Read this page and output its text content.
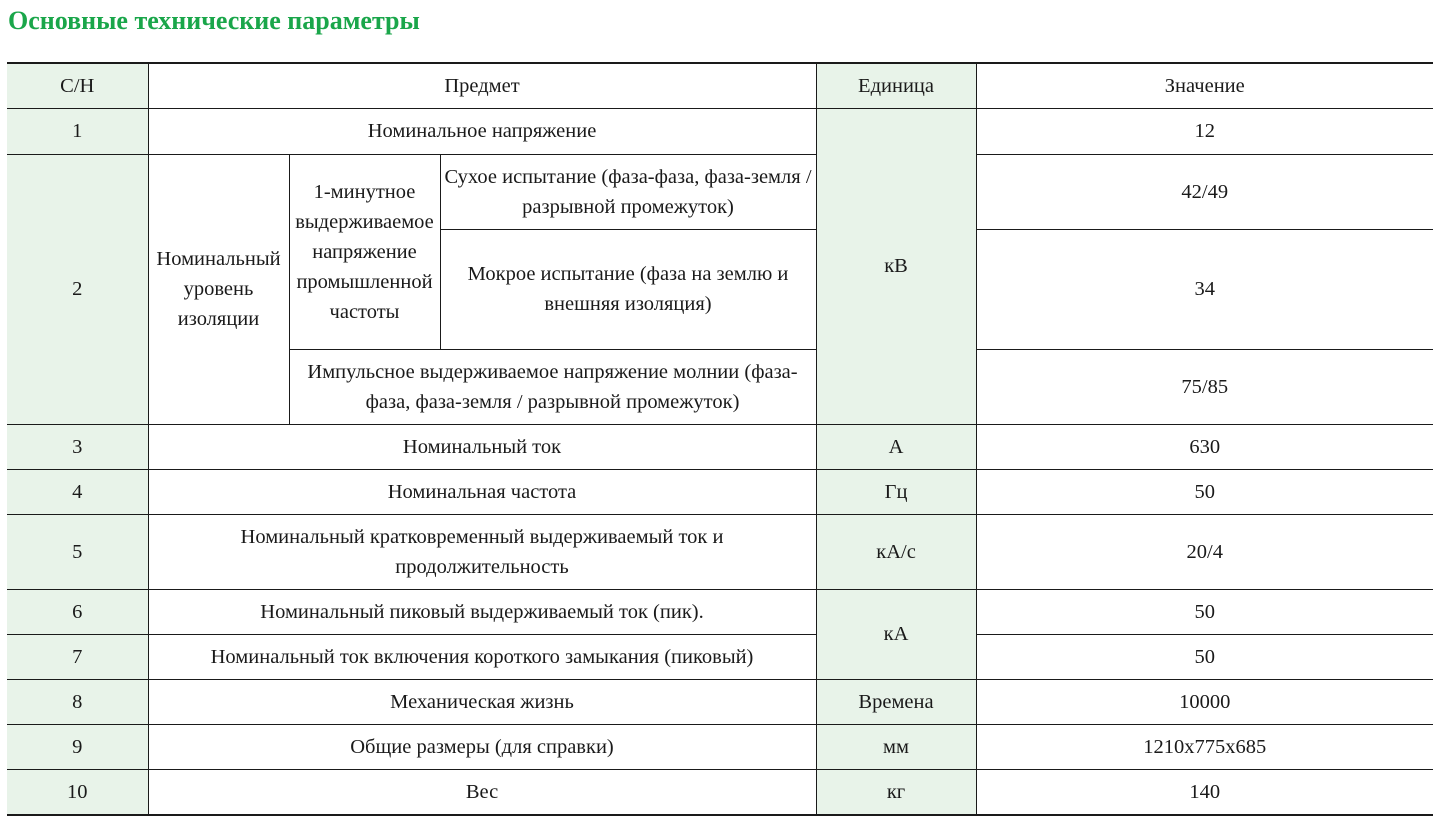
Основные технические параметры
С/Н	Предмет			Единица	Значение
1	Номинальное напряжение			кВ	12
2	Номинальный уровень изоляции	1-минутное выдерживаемое напряжение промышленной частоты	Сухое испытание (фаза-фаза, фаза-земля / разрывной промежуток)		42/49
			Мокрое испытание (фаза на землю и внешняя изоляция)		34
		Импульсное выдерживаемое напряжение молнии (фаза-фаза, фаза-земля / разрывной промежуток)			75/85
3	Номинальный ток			А	630
4	Номинальная частота			Гц	50
5	Номинальный кратковременный выдерживаемый ток и продолжительность			кА/с	20/4
6	Номинальный пиковый выдерживаемый ток (пик).			кА	50
7	Номинальный ток включения короткого замыкания (пиковый)				50
8	Механическая жизнь			Времена	10000
9	Общие размеры (для справки)			мм	1210x775x685
10	Вес			кг	140
